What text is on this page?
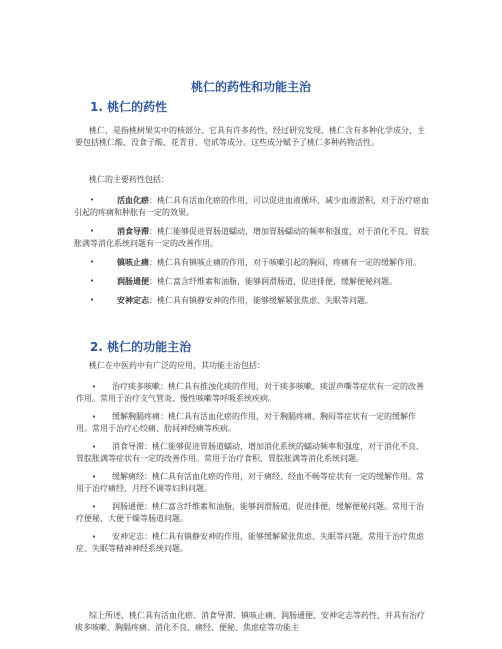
桃仁的药性和功能主治
1. 桃仁的药性

桃仁，是指桃树果实中的核部分。它具有许多药性，经过研究发现，桃仁含有多种化学成分，主要包括桃仁酸、没食子酸、花青苷、皂甙等成分。这些成分赋予了桃仁多种药物活性。

桃仁的主要药性包括：

•	活血化瘀：桃仁具有活血化瘀的作用，可以促进血液循环，减少血液淤积，对于治疗瘀血引起的疼痛和肿胀有一定的效果。
•	消食导滞：桃仁能够促进胃肠道蠕动，增加胃肠蠕动的频率和强度，对于消化不良、胃脘胀满等消化系统问题有一定的改善作用。
•	镇咳止痛：桃仁具有镇咳止痛的作用，对于咳嗽引起的胸闷、疼痛有一定的缓解作用。
•	润肠通便：桃仁富含纤维素和油脂，能够润滑肠道，促进排便，缓解便秘问题。
•	安神定志：桃仁具有镇静安神的作用，能够缓解紧张焦虑、失眠等问题。
2. 桃仁的功能主治

桃仁在中医药中有广泛的应用，其功能主治包括：

•	治疗痰多咳嗽：桃仁具有推浊化痰的作用，对于痰多咳嗽、痰涩声嘶等症状有一定的改善作用。常用于治疗支气管炎、慢性咳嗽等呼吸系统疾病。
•	缓解胸膈疼痛：桃仁具有活血化瘀的作用，对于胸膈疼痛、胸闷等症状有一定的缓解作用。常用于治疗心绞痛、肋间神经痛等疾病。
•	消食导滞：桃仁能够促进胃肠道蠕动，增加消化系统的蠕动频率和强度，对于消化不良、胃脘胀满等症状有一定的改善作用。常用于治疗食积、胃脘胀满等消化系统问题。
•	缓解痛经：桃仁具有活血化瘀的作用，对于痛经、经血不畅等症状有一定的缓解作用。常用于治疗痛经、月经不调等妇科问题。
•	润肠通便：桃仁富含纤维素和油脂，能够润滑肠道，促进排便，缓解便秘问题。常用于治疗便秘、大便干燥等肠道问题。
•	安神定志：桃仁具有镇静安神的作用，能够缓解紧张焦虑、失眠等问题。常用于治疗焦虑症、失眠等精神神经系统问题。

综上所述，桃仁具有活血化瘀、消食导滞、镇咳止痛、润肠通便、安神定志等药性，并具有治疗痰多咳嗽、胸膈疼痛、消化不良、痛经、便秘、焦虑症等功能主
